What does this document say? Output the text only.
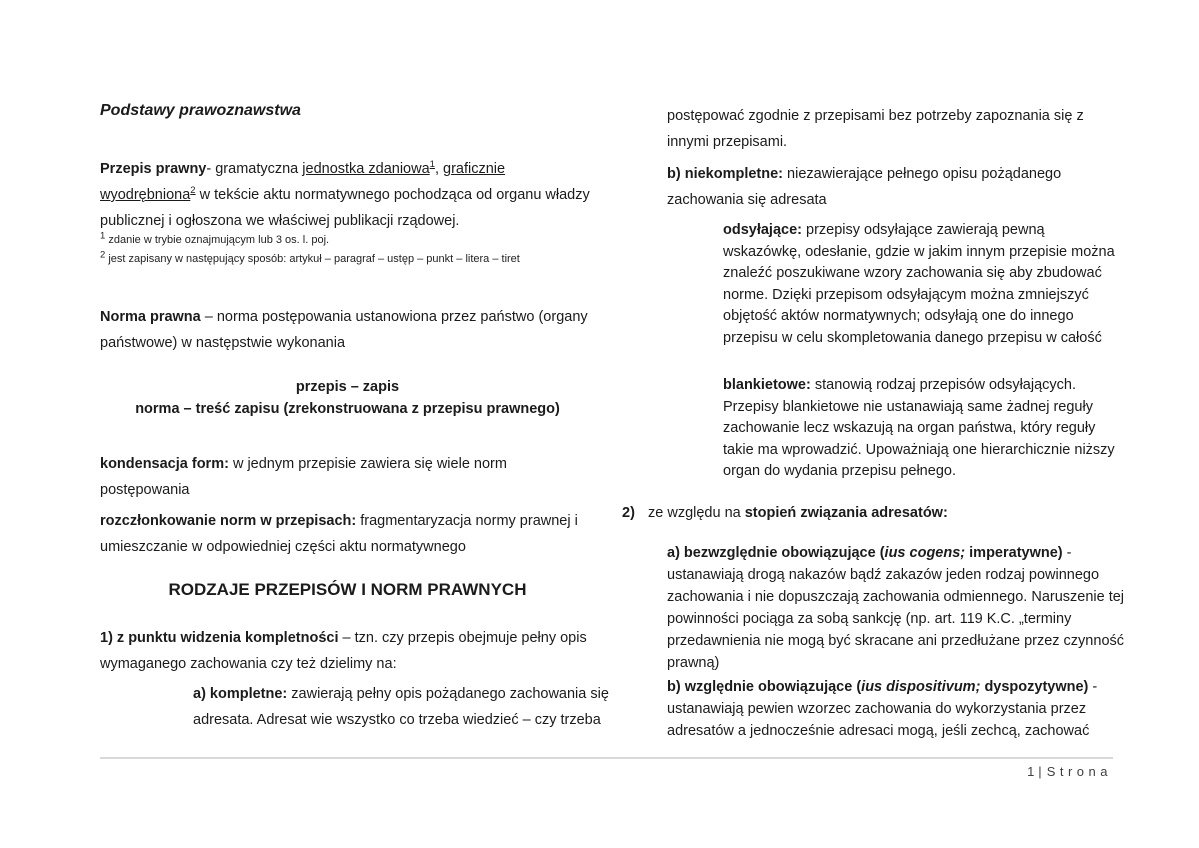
Podstawy prawoznawstwa

Przepis prawny- gramatyczna jednostka zdaniowa$^1$, graficznie wyodrębniona$^2$ w tekście aktu normatywnego pochodząca od organu władzy publicznej i ogłoszona we właściwej publikacji rządowej.

$^1$ zdanie w trybie oznajmującym lub 3 os. l. poj.
$^2$ jest zapisany w następujący sposób: artykuł – paragraf – ustęp – punkt – litera – tiret

Norma prawna – norma postępowania ustanowiona przez państwo (organy państwowe) w następstwie wykonania

przepis – zapis
norma – treść zapisu (zrekonstruowana z przepisu prawnego)

kondensacja form: w jednym przepisie zawiera się wiele norm postępowania

rozczłonkowanie norm w przepisach: fragmentaryzacja normy prawnej i umieszczanie w odpowiedniej części aktu normatywnego

RODZAJE PRZEPISÓW I NORM PRAWNYCH

1) z punktu widzenia kompletności – tzn. czy przepis obejmuje pełny opis wymaganego zachowania czy też dzielimy na:

a) kompletne: zawierają pełny opis pożądanego zachowania się adresata. Adresat wie wszystko co trzeba wiedzieć – czy trzeba

postępować zgodnie z przepisami bez potrzeby zapoznania się z innymi przepisami.

b) niekompletne: niezawierające pełnego opisu pożądanego zachowania się adresata

odsyłające: przepisy odsyłające zawierają pewną wskazówkę, odesłanie, gdzie w jakim innym przepisie można znaleźć poszukiwane wzory zachowania się aby zbudować norme. Dzięki przepisom odsyłającym można zmniejszyć objętość aktów normatywnych; odsyłają one do innego przepisu w celu skompletowania danego przepisu w całość

blankietowe: stanowią rodzaj przepisów odsyłających. Przepisy blankietowe nie ustanawiają same żadnej reguły zachowanie lecz wskazują na organ państwa, który reguły takie ma wprowadzić. Upoważniają one hierarchicznie niższy organ do wydania przepisu pełnego.

2) ze względu na stopień związania adresatów:

a) bezwzględnie obowiązujące (ius cogens; imperatywne) - ustanawiają drogą nakazów bądź zakazów jeden rodzaj powinnego zachowania i nie dopuszczają zachowania odmiennego. Naruszenie tej powinności pociąga za sobą sankcję (np. art. 119 K.C. „terminy przedawnienia nie mogą być skracane ani przedłużane przez czynność prawną)

b) względnie obowiązujące (ius dispositivum; dyspozytywne) - ustanawiają pewien wzorzec zachowania do wykorzystania przez adresatów a jednocześnie adresaci mogą, jeśli zechcą, zachować

1 | Strona
